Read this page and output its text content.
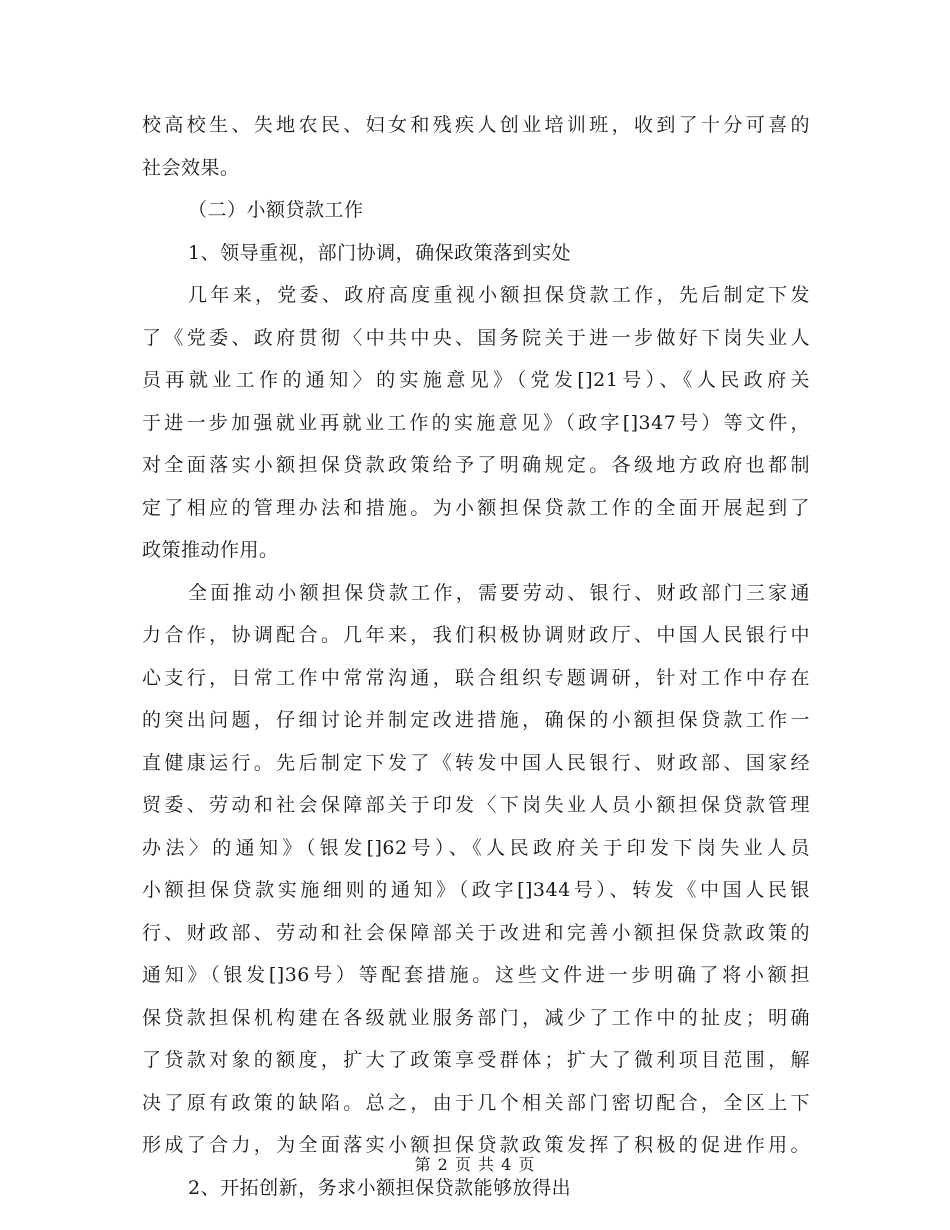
校高校生、失地农民、妇女和残疾人创业培训班，收到了十分可喜的
社会效果。
（二）小额贷款工作
1、领导重视，部门协调，确保政策落到实处
几年来，党委、政府高度重视小额担保贷款工作，先后制定下发
了《党委、政府贯彻〈中共中央、国务院关于进一步做好下岗失业人
员再就业工作的通知〉的实施意见》（党发[]21号）、《人民政府关
于进一步加强就业再就业工作的实施意见》（政字[]347号）等文件，
对全面落实小额担保贷款政策给予了明确规定。各级地方政府也都制
定了相应的管理办法和措施。为小额担保贷款工作的全面开展起到了
政策推动作用。
全面推动小额担保贷款工作，需要劳动、银行、财政部门三家通
力合作，协调配合。几年来，我们积极协调财政厅、中国人民银行中
心支行，日常工作中常常沟通，联合组织专题调研，针对工作中存在
的突出问题，仔细讨论并制定改进措施，确保的小额担保贷款工作一
直健康运行。先后制定下发了《转发中国人民银行、财政部、国家经
贸委、劳动和社会保障部关于印发〈下岗失业人员小额担保贷款管理
办法〉的通知》（银发[]62号）、《人民政府关于印发下岗失业人员
小额担保贷款实施细则的通知》（政字[]344号）、转发《中国人民银
行、财政部、劳动和社会保障部关于改进和完善小额担保贷款政策的
通知》（银发[]36号）等配套措施。这些文件进一步明确了将小额担
保贷款担保机构建在各级就业服务部门，减少了工作中的扯皮；明确
了贷款对象的额度，扩大了政策享受群体；扩大了微利项目范围，解
决了原有政策的缺陷。总之，由于几个相关部门密切配合，全区上下
形成了合力，为全面落实小额担保贷款政策发挥了积极的促进作用。
2、开拓创新，务求小额担保贷款能够放得出
第 2 页 共 4 页
